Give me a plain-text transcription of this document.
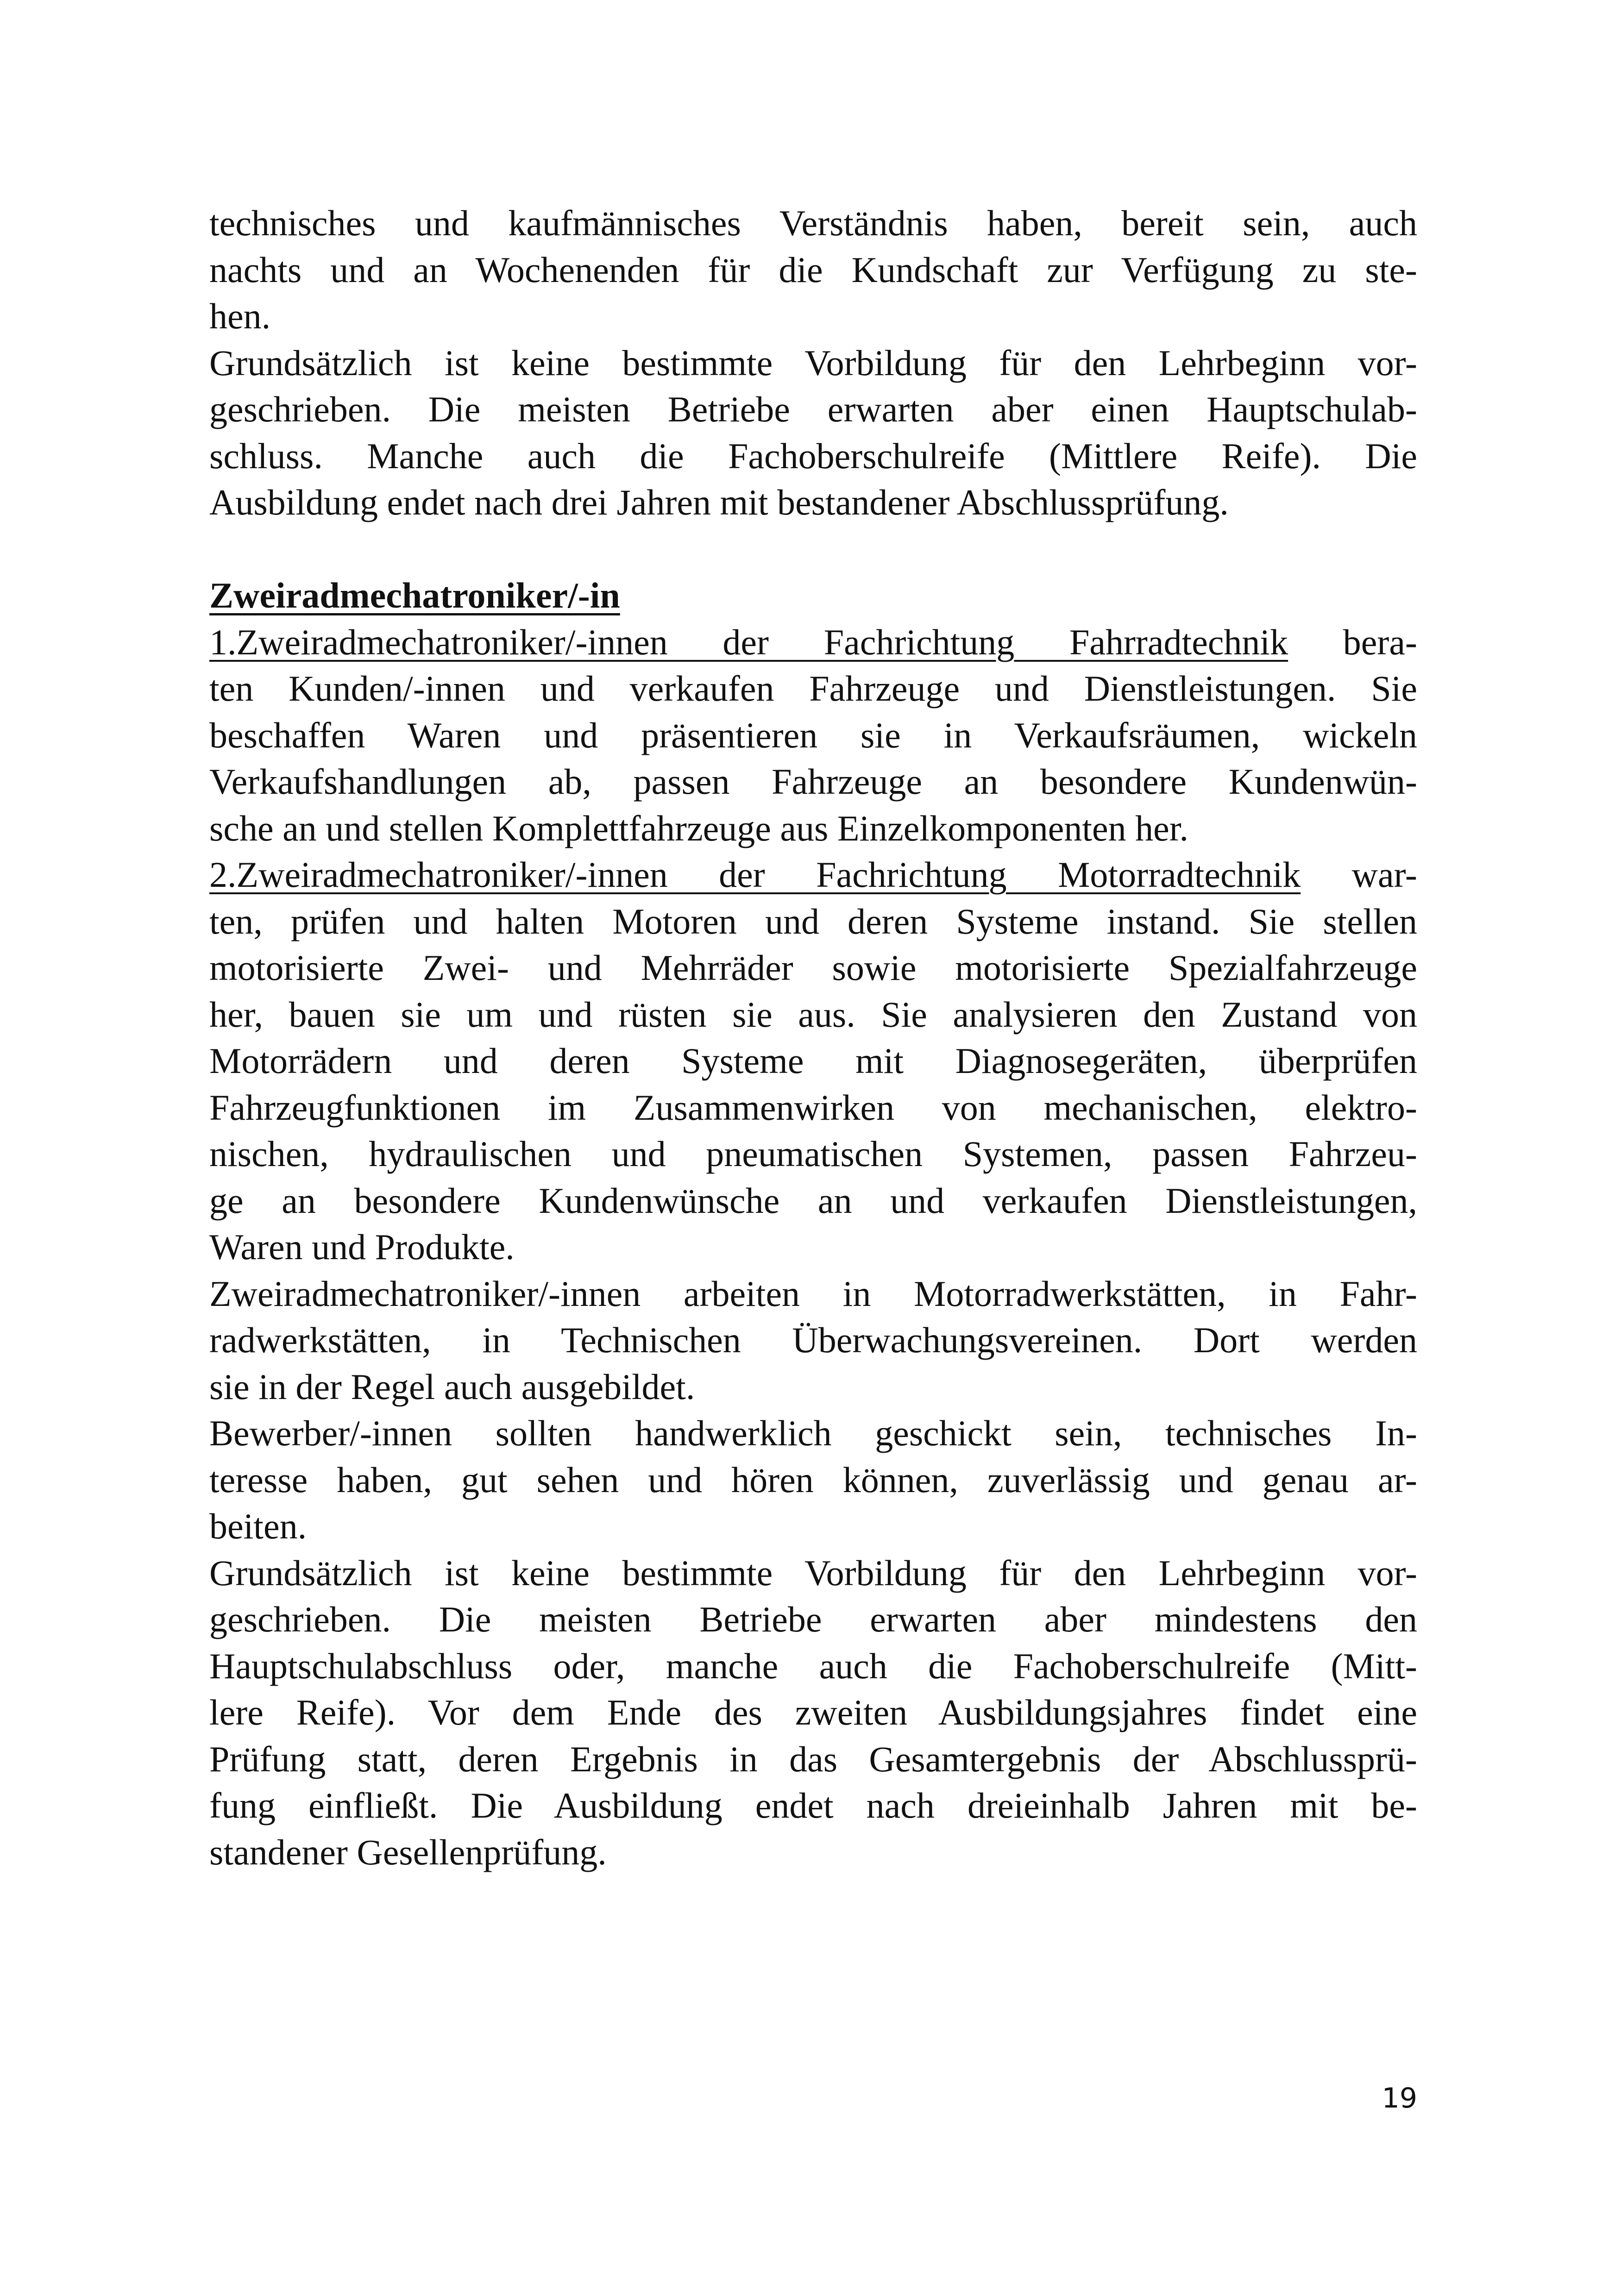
technisches und kaufmännisches Verständnis haben, bereit sein, auch
nachts und an Wochenenden für die Kundschaft zur Verfügung zu ste-
hen.
Grundsätzlich ist keine bestimmte Vorbildung für den Lehrbeginn vor-
geschrieben. Die meisten Betriebe erwarten aber einen Hauptschulab-
schluss. Manche auch die Fachoberschulreife (Mittlere Reife). Die
Ausbildung endet nach drei Jahren mit bestandener Abschlussprüfung.
Zweiradmechatroniker/-in
1.Zweiradmechatroniker/-innen der Fachrichtung Fahrradtechnik bera-
ten Kunden/-innen und verkaufen Fahrzeuge und Dienstleistungen. Sie
beschaffen Waren und präsentieren sie in Verkaufsräumen, wickeln
Verkaufshandlungen ab, passen Fahrzeuge an besondere Kundenwün-
sche an und stellen Komplettfahrzeuge aus Einzelkomponenten her.
2.Zweiradmechatroniker/-innen der Fachrichtung Motorradtechnik war-
ten, prüfen und halten Motoren und deren Systeme instand. Sie stellen
motorisierte Zwei- und Mehrräder sowie motorisierte Spezialfahrzeuge
her, bauen sie um und rüsten sie aus. Sie analysieren den Zustand von
Motorrädern und deren Systeme mit Diagnosegeräten, überprüfen
Fahrzeugfunktionen im Zusammenwirken von mechanischen, elektro-
nischen, hydraulischen und pneumatischen Systemen, passen Fahrzeu-
ge an besondere Kundenwünsche an und verkaufen Dienstleistungen,
Waren und Produkte.
Zweiradmechatroniker/-innen arbeiten in Motorradwerkstätten, in Fahr-
radwerkstätten, in Technischen Überwachungsvereinen. Dort werden
sie in der Regel auch ausgebildet.
Bewerber/-innen sollten handwerklich geschickt sein, technisches In-
teresse haben, gut sehen und hören können, zuverlässig und genau ar-
beiten.
Grundsätzlich ist keine bestimmte Vorbildung für den Lehrbeginn vor-
geschrieben. Die meisten Betriebe erwarten aber mindestens den
Hauptschulabschluss oder, manche auch die Fachoberschulreife (Mitt-
lere Reife). Vor dem Ende des zweiten Ausbildungsjahres findet eine
Prüfung statt, deren Ergebnis in das Gesamtergebnis der Abschlussprü-
fung einfließt. Die Ausbildung endet nach dreieinhalb Jahren mit be-
standener Gesellenprüfung.
19
